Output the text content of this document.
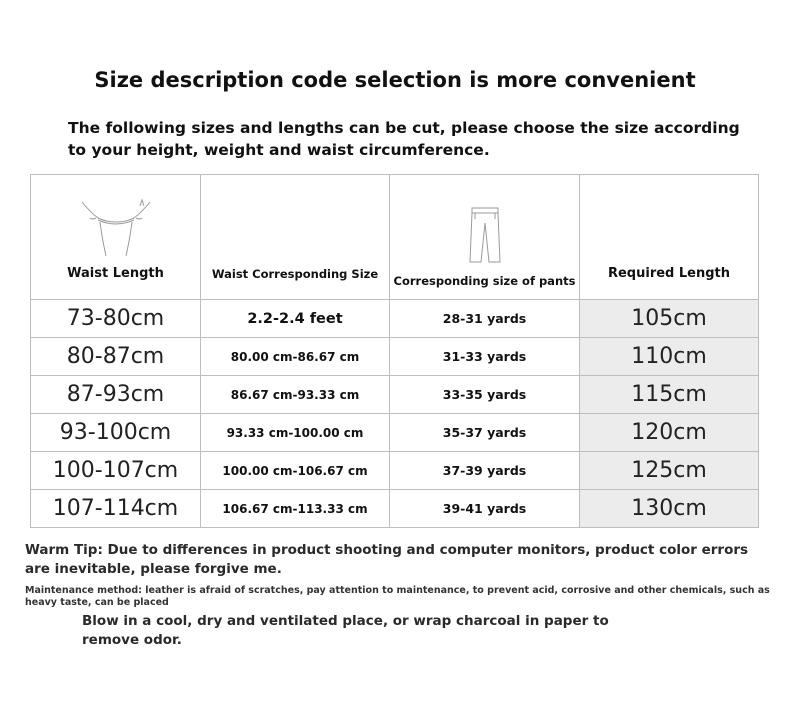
Size description code selection is more convenient
The following sizes and lengths can be cut, please choose the size according to your height, weight and waist circumference.
Waist Length	Waist Corresponding Size	Corresponding size of pants	Required Length

73-80cm	2.2-2.4 feet	28-31 yards	105cm
80-87cm	80.00 cm-86.67 cm	31-33 yards	110cm
87-93cm	86.67 cm-93.33 cm	33-35 yards	115cm
93-100cm	93.33 cm-100.00 cm	35-37 yards	120cm
100-107cm	100.00 cm-106.67 cm	37-39 yards	125cm
107-114cm	106.67 cm-113.33 cm	39-41 yards	130cm
Warm Tip: Due to differences in product shooting and computer monitors, product color errors are inevitable, please forgive me.
Maintenance method: leather is afraid of scratches, pay attention to maintenance, to prevent acid, corrosive and other chemicals, such as heavy taste, can be placed
Blow in a cool, dry and ventilated place, or wrap charcoal in paper to remove odor.
